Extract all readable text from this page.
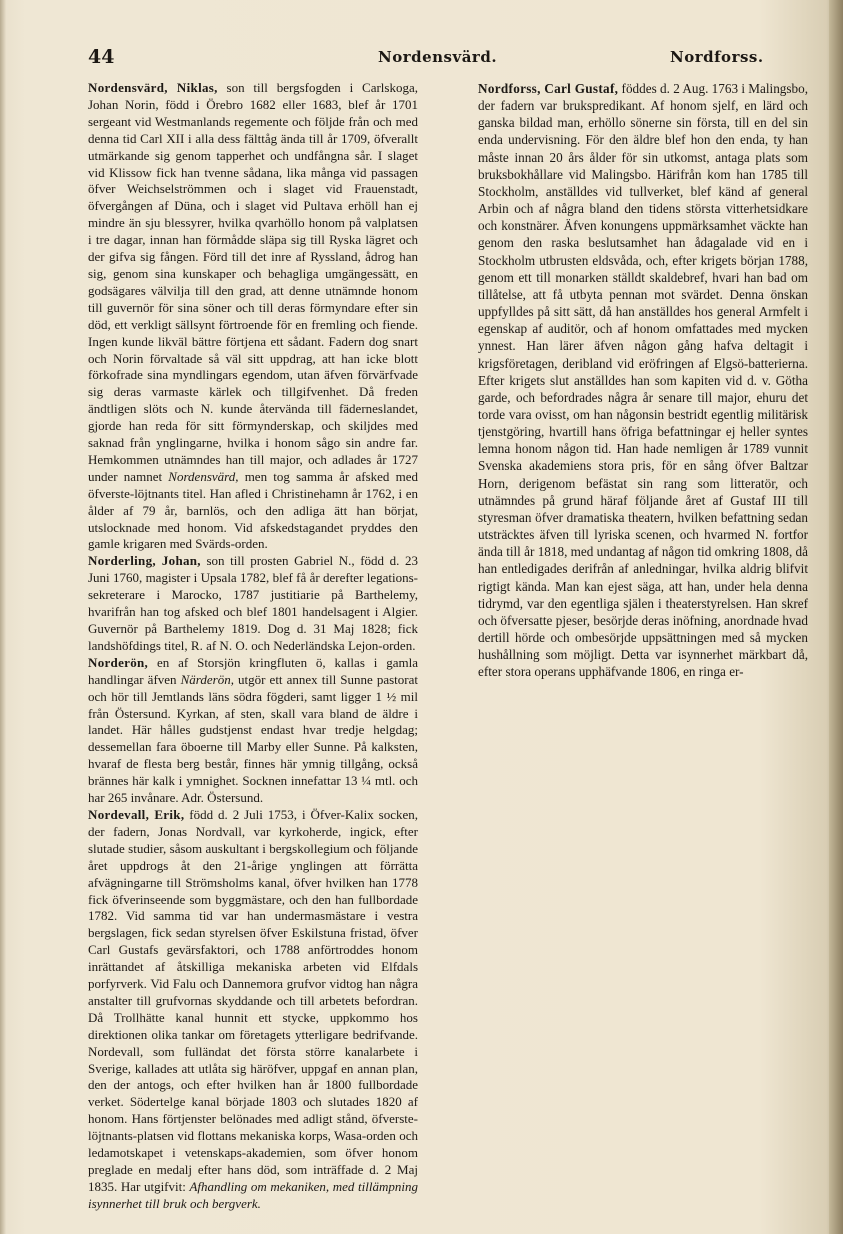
44	Nordensvärd.	Nordforss.

Nordensvärd, Niklas, son till bergsfogden i Carlskoga, Johan Norin, född i Örebro 1682 eller 1683, blef år 1701 sergeant vid Westmanlands regemente och följde från och med denna tid Carl XII i alla dess fälttåg ända till år 1709, öfverallt utmärkande sig genom tapperhet och undfångna sår. I slaget vid Klissow fick han tvenne sådana, lika många vid passagen öfver Weichselströmmen och i slaget vid Frauenstadt, öfvergången af Düna, och i slaget vid Pultava erhöll han ej mindre än sju blessyrer, hvilka qvarhöllo honom på valplatsen i tre dagar, innan han förmådde släpa sig till Ryska lägret och der gifva sig fången. Förd till det inre af Ryssland, ådrog han sig, genom sina kunskaper och behagliga umgängessätt, en godsägares välvilja till den grad, att denne utnämnde honom till guvernör för sina söner och till deras förmyndare efter sin död, ett verkligt sällsynt förtroende för en fremling och fiende. Ingen kunde likväl bättre förtjena ett sådant. Fadern dog snart och Norin förvaltade så väl sitt uppdrag, att han icke blott förkofrade sina myndlingars egendom, utan äfven förvärfvade sig deras varmaste kärlek och tillgifvenhet. Då freden ändtligen slöts och N. kunde återvända till fäderneslandet, gjorde han reda för sitt förmynderskap, och skiljdes med saknad från ynglingarne, hvilka i honom sågo sin andre far. Hemkommen utnämndes han till major, och adlades år 1727 under namnet Nordensvärd, men tog samma år afsked med öfverste-löjtnants titel. Han afled i Christinehamn år 1762, i en ålder af 79 år, barnlös, och den adliga ätt han börjat, utslocknade med honom. Vid afskedstagandet pryddes den gamle krigaren med Svärds-orden.

Norderling, Johan, son till prosten Gabriel N., född d. 23 Juni 1760, magister i Upsala 1782, blef få år derefter legations-sekreterare i Marocko, 1787 justitiarie på Barthelemy, hvarifrån han tog afsked och blef 1801 handelsagent i Algier. Guvernör på Barthelemy 1819. Dog d. 31 Maj 1828; fick landshöfdings titel, R. af N. O. och Nederländska Lejon-orden.

Norderön, en af Storsjön kringfluten ö, kallas i gamla handlingar äfven Närderön, utgör ett annex till Sunne pastorat och hör till Jemtlands läns södra fögderi, samt ligger 1 ½ mil från Östersund. Kyrkan, af sten, skall vara bland de äldre i landet. Här hålles gudstjenst endast hvar tredje helgdag; dessemellan fara öboerne till Marby eller Sunne. På kalksten, hvaraf de flesta berg består, finnes här ymnig tillgång, också brännes här kalk i ymnighet. Socknen innefattar 13 ¼ mtl. och har 265 invånare. Adr. Östersund.

Nordevall, Erik, född d. 2 Juli 1753, i Öfver-Kalix socken, der fadern, Jonas Nordvall, var kyrkoherde, ingick, efter slutade studier, såsom auskultant i bergskollegium och följande året uppdrogs åt den 21-årige ynglingen att förrätta afvägningarne till Strömsholms kanal, öfver hvilken han 1778 fick öfverinseende som byggmästare, och den han fullbordade 1782. Vid samma tid var han undermasmästare i vestra bergslagen, fick sedan styrelsen öfver Eskilstuna fristad, öfver Carl Gustafs gevärsfaktori, och 1788 anförtroddes honom inrättandet af åtskilliga mekaniska arbeten vid Elfdals porfyrverk. Vid Falu och Dannemora grufvor vidtog han några anstalter till grufvornas skyddande och till arbetets befordran. Då Trollhätte kanal hunnit ett stycke, uppkommo hos direktionen olika tankar om företagets ytterligare bedrifvande. Nordevall, som fulländat det första större kanalarbete i Sverige, kallades att utlåta sig häröfver, uppgaf en annan plan, den der antogs, och efter hvilken han år 1800 fullbordade verket. Södertelge kanal började 1803 och slutades 1820 af honom. Hans förtjenster belönades med adligt stånd, öfverste-löjtnants-platsen vid flottans mekaniska korps, Wasa-orden och ledamotskapet i vetenskaps-akademien, som öfver honom preglade en medalj efter hans död, som inträffade d. 2 Maj 1835. Har utgifvit: Afhandling om mekaniken, med tillämpning isynnerhet till bruk och bergverk.

Nordforss, Carl Gustaf, föddes d. 2 Aug. 1763 i Malingsbo, der fadern var brukspredikant. Af honom sjelf, en lärd och ganska bildad man, erhöllo sönerne sin första, till en del sin enda undervisning. För den äldre blef hon den enda, ty han måste innan 20 års ålder för sin utkomst, antaga plats som bruksbokhållare vid Malingsbo. Härifrån kom han 1785 till Stockholm, anställdes vid tullverket, blef känd af general Arbin och af några bland den tidens största vitterhetsidkare och konstnärer. Äfven konungens uppmärksamhet väckte han genom den raska beslutsamhet han ådagalade vid en i Stockholm utbrusten eldsvåda, och, efter krigets början 1788, genom ett till monarken ställdt skaldebref, hvari han bad om tillåtelse, att få utbyta pennan mot svärdet. Denna önskan uppfylldes på sitt sätt, då han anställdes hos general Armfelt i egenskap af auditör, och af honom omfattades med mycken ynnest. Han lärer äfven någon gång hafva deltagit i krigsföretagen, deribland vid eröfringen af Elgsö-batterierna. Efter krigets slut anställdes han som kapiten vid d. v. Götha garde, och befordrades några år senare till major, ehuru det torde vara ovisst, om han någonsin bestridt egentlig militärisk tjenstgöring, hvartill hans öfriga befattningar ej heller syntes lemna honom någon tid. Han hade nemligen år 1789 vunnit Svenska akademiens stora pris, för en sång öfver Baltzar Horn, derigenom befästat sin rang som litteratör, och utnämndes på grund häraf följande året af Gustaf III till styresman öfver dramatiska theatern, hvilken befattning sedan utsträcktes äfven till lyriska scenen, och hvarmed N. fortfor ända till år 1818, med undantag af någon tid omkring 1808, då han entledigades derifrån af anledningar, hvilka aldrig blifvit rigtigt kända. Man kan ejest säga, att han, under hela denna tidrymd, var den egentliga själen i theaterstyrelsen. Han skref och öfversatte pjeser, besörjde deras inöfning, anordnade hvad dertill hörde och ombesörjde uppsättningen med så mycken hushållning som möjligt. Detta var isynnerhet märkbart då, efter stora operans upphäfvande 1806, en ringa er-
